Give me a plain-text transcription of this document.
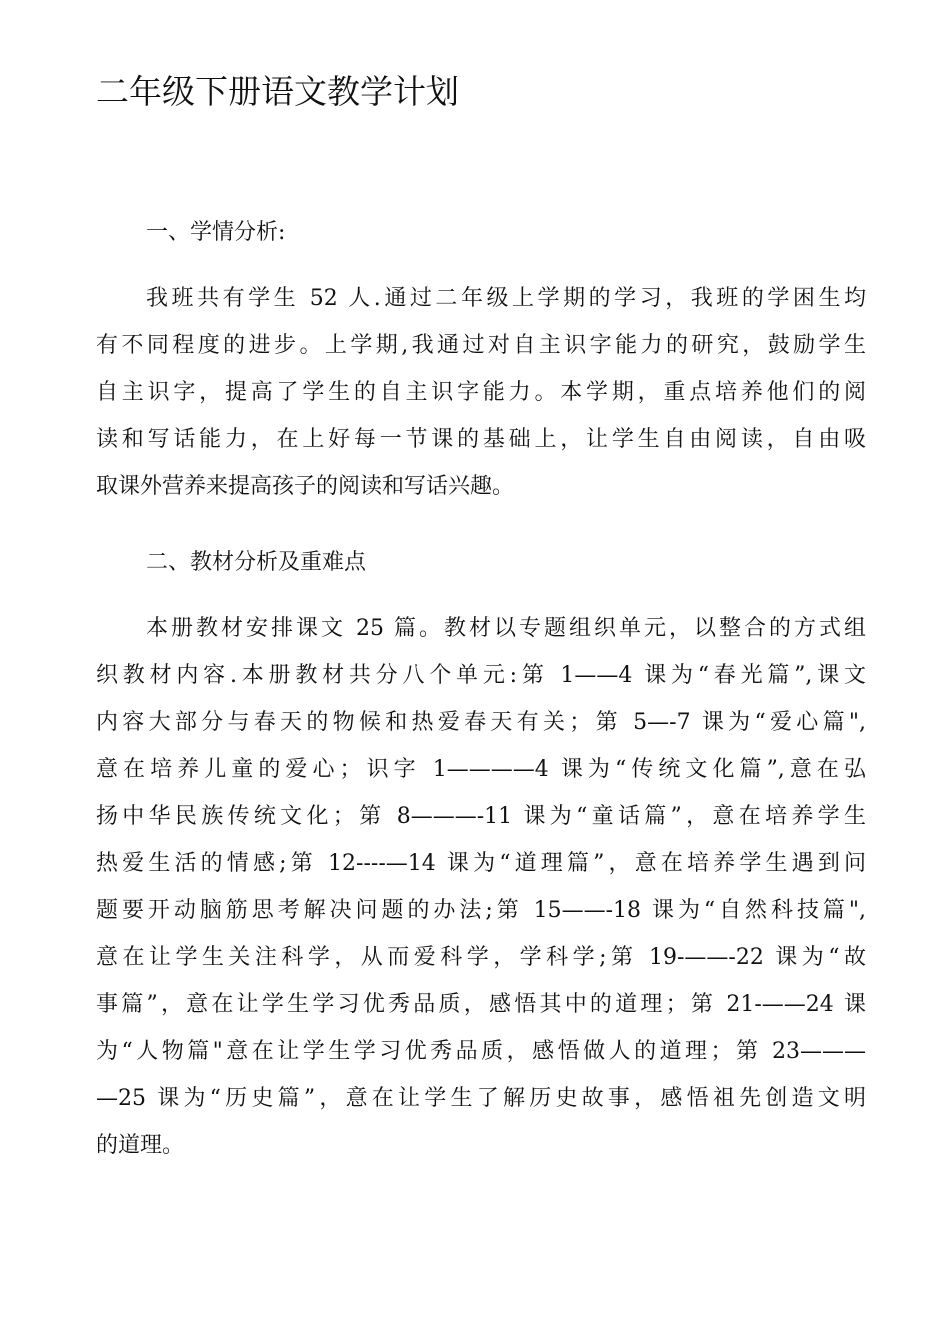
二年级下册语文教学计划
一、学情分析:
我班共有学生 52 人.通过二年级上学期的学习，我班的学困生均
有不同程度的进步。上学期,我通过对自主识字能力的研究，鼓励学生
自主识字，提高了学生的自主识字能力。本学期，重点培养他们的阅
读和写话能力，在上好每一节课的基础上，让学生自由阅读，自由吸
取课外营养来提高孩子的阅读和写话兴趣。
二、教材分析及重难点
本册教材安排课文 25 篇。教材以专题组织单元，以整合的方式组
织教材内容.本册教材共分八个单元:第 1——4 课为“春光篇”,课文
内容大部分与春天的物候和热爱春天有关；第 5—-7 课为“爱心篇",
意在培养儿童的爱心；识字 1————4 课为“传统文化篇”,意在弘
扬中华民族传统文化；第 8———-11 课为“童话篇”，意在培养学生
热爱生活的情感;第 12----—14 课为“道理篇”，意在培养学生遇到问
题要开动脑筋思考解决问题的办法;第 15——-18 课为“自然科技篇",
意在让学生关注科学，从而爱科学，学科学;第 19-——-22 课为“故
事篇”，意在让学生学习优秀品质，感悟其中的道理；第 21-——24 课
为“人物篇"意在让学生学习优秀品质，感悟做人的道理；第 23———
—25 课为“历史篇”，意在让学生了解历史故事，感悟祖先创造文明
的道理。
